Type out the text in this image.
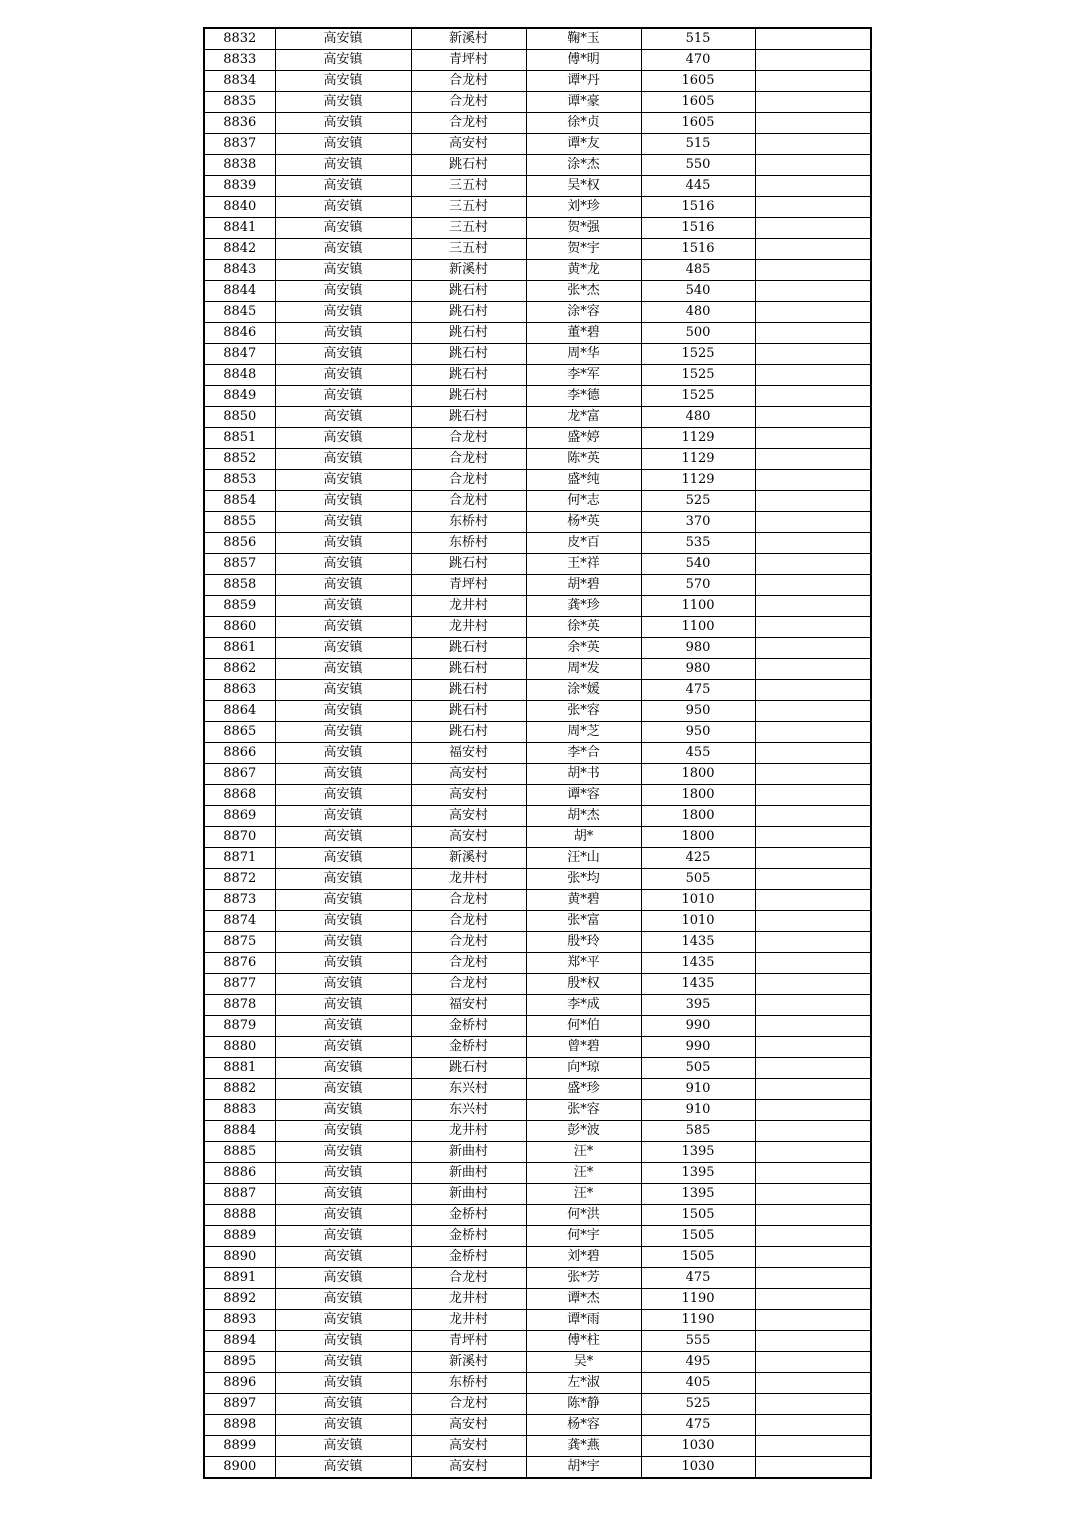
8832	高安镇	新溪村	鞠*玉	515	
8833	高安镇	青坪村	傅*明	470	
8834	高安镇	合龙村	谭*丹	1605	
8835	高安镇	合龙村	谭*豪	1605	
8836	高安镇	合龙村	徐*贞	1605	
8837	高安镇	高安村	谭*友	515	
8838	高安镇	跳石村	涂*杰	550	
8839	高安镇	三五村	吴*权	445	
8840	高安镇	三五村	刘*珍	1516	
8841	高安镇	三五村	贺*强	1516	
8842	高安镇	三五村	贺*宇	1516	
8843	高安镇	新溪村	黄*龙	485	
8844	高安镇	跳石村	张*杰	540	
8845	高安镇	跳石村	涂*容	480	
8846	高安镇	跳石村	董*碧	500	
8847	高安镇	跳石村	周*华	1525	
8848	高安镇	跳石村	李*军	1525	
8849	高安镇	跳石村	李*德	1525	
8850	高安镇	跳石村	龙*富	480	
8851	高安镇	合龙村	盛*婷	1129	
8852	高安镇	合龙村	陈*英	1129	
8853	高安镇	合龙村	盛*纯	1129	
8854	高安镇	合龙村	何*志	525	
8855	高安镇	东桥村	杨*英	370	
8856	高安镇	东桥村	皮*百	535	
8857	高安镇	跳石村	王*祥	540	
8858	高安镇	青坪村	胡*碧	570	
8859	高安镇	龙井村	龚*珍	1100	
8860	高安镇	龙井村	徐*英	1100	
8861	高安镇	跳石村	余*英	980	
8862	高安镇	跳石村	周*发	980	
8863	高安镇	跳石村	涂*媛	475	
8864	高安镇	跳石村	张*容	950	
8865	高安镇	跳石村	周*芝	950	
8866	高安镇	福安村	李*合	455	
8867	高安镇	高安村	胡*书	1800	
8868	高安镇	高安村	谭*容	1800	
8869	高安镇	高安村	胡*杰	1800	
8870	高安镇	高安村	胡*	1800	
8871	高安镇	新溪村	汪*山	425	
8872	高安镇	龙井村	张*均	505	
8873	高安镇	合龙村	黄*碧	1010	
8874	高安镇	合龙村	张*富	1010	
8875	高安镇	合龙村	殷*玲	1435	
8876	高安镇	合龙村	郑*平	1435	
8877	高安镇	合龙村	殷*权	1435	
8878	高安镇	福安村	李*成	395	
8879	高安镇	金桥村	何*伯	990	
8880	高安镇	金桥村	曾*碧	990	
8881	高安镇	跳石村	向*琼	505	
8882	高安镇	东兴村	盛*珍	910	
8883	高安镇	东兴村	张*容	910	
8884	高安镇	龙井村	彭*波	585	
8885	高安镇	新曲村	汪*	1395	
8886	高安镇	新曲村	汪*	1395	
8887	高安镇	新曲村	汪*	1395	
8888	高安镇	金桥村	何*洪	1505	
8889	高安镇	金桥村	何*宇	1505	
8890	高安镇	金桥村	刘*碧	1505	
8891	高安镇	合龙村	张*芳	475	
8892	高安镇	龙井村	谭*杰	1190	
8893	高安镇	龙井村	谭*雨	1190	
8894	高安镇	青坪村	傅*柱	555	
8895	高安镇	新溪村	吴*	495	
8896	高安镇	东桥村	左*淑	405	
8897	高安镇	合龙村	陈*静	525	
8898	高安镇	高安村	杨*容	475	
8899	高安镇	高安村	龚*燕	1030	
8900	高安镇	高安村	胡*宇	1030	
